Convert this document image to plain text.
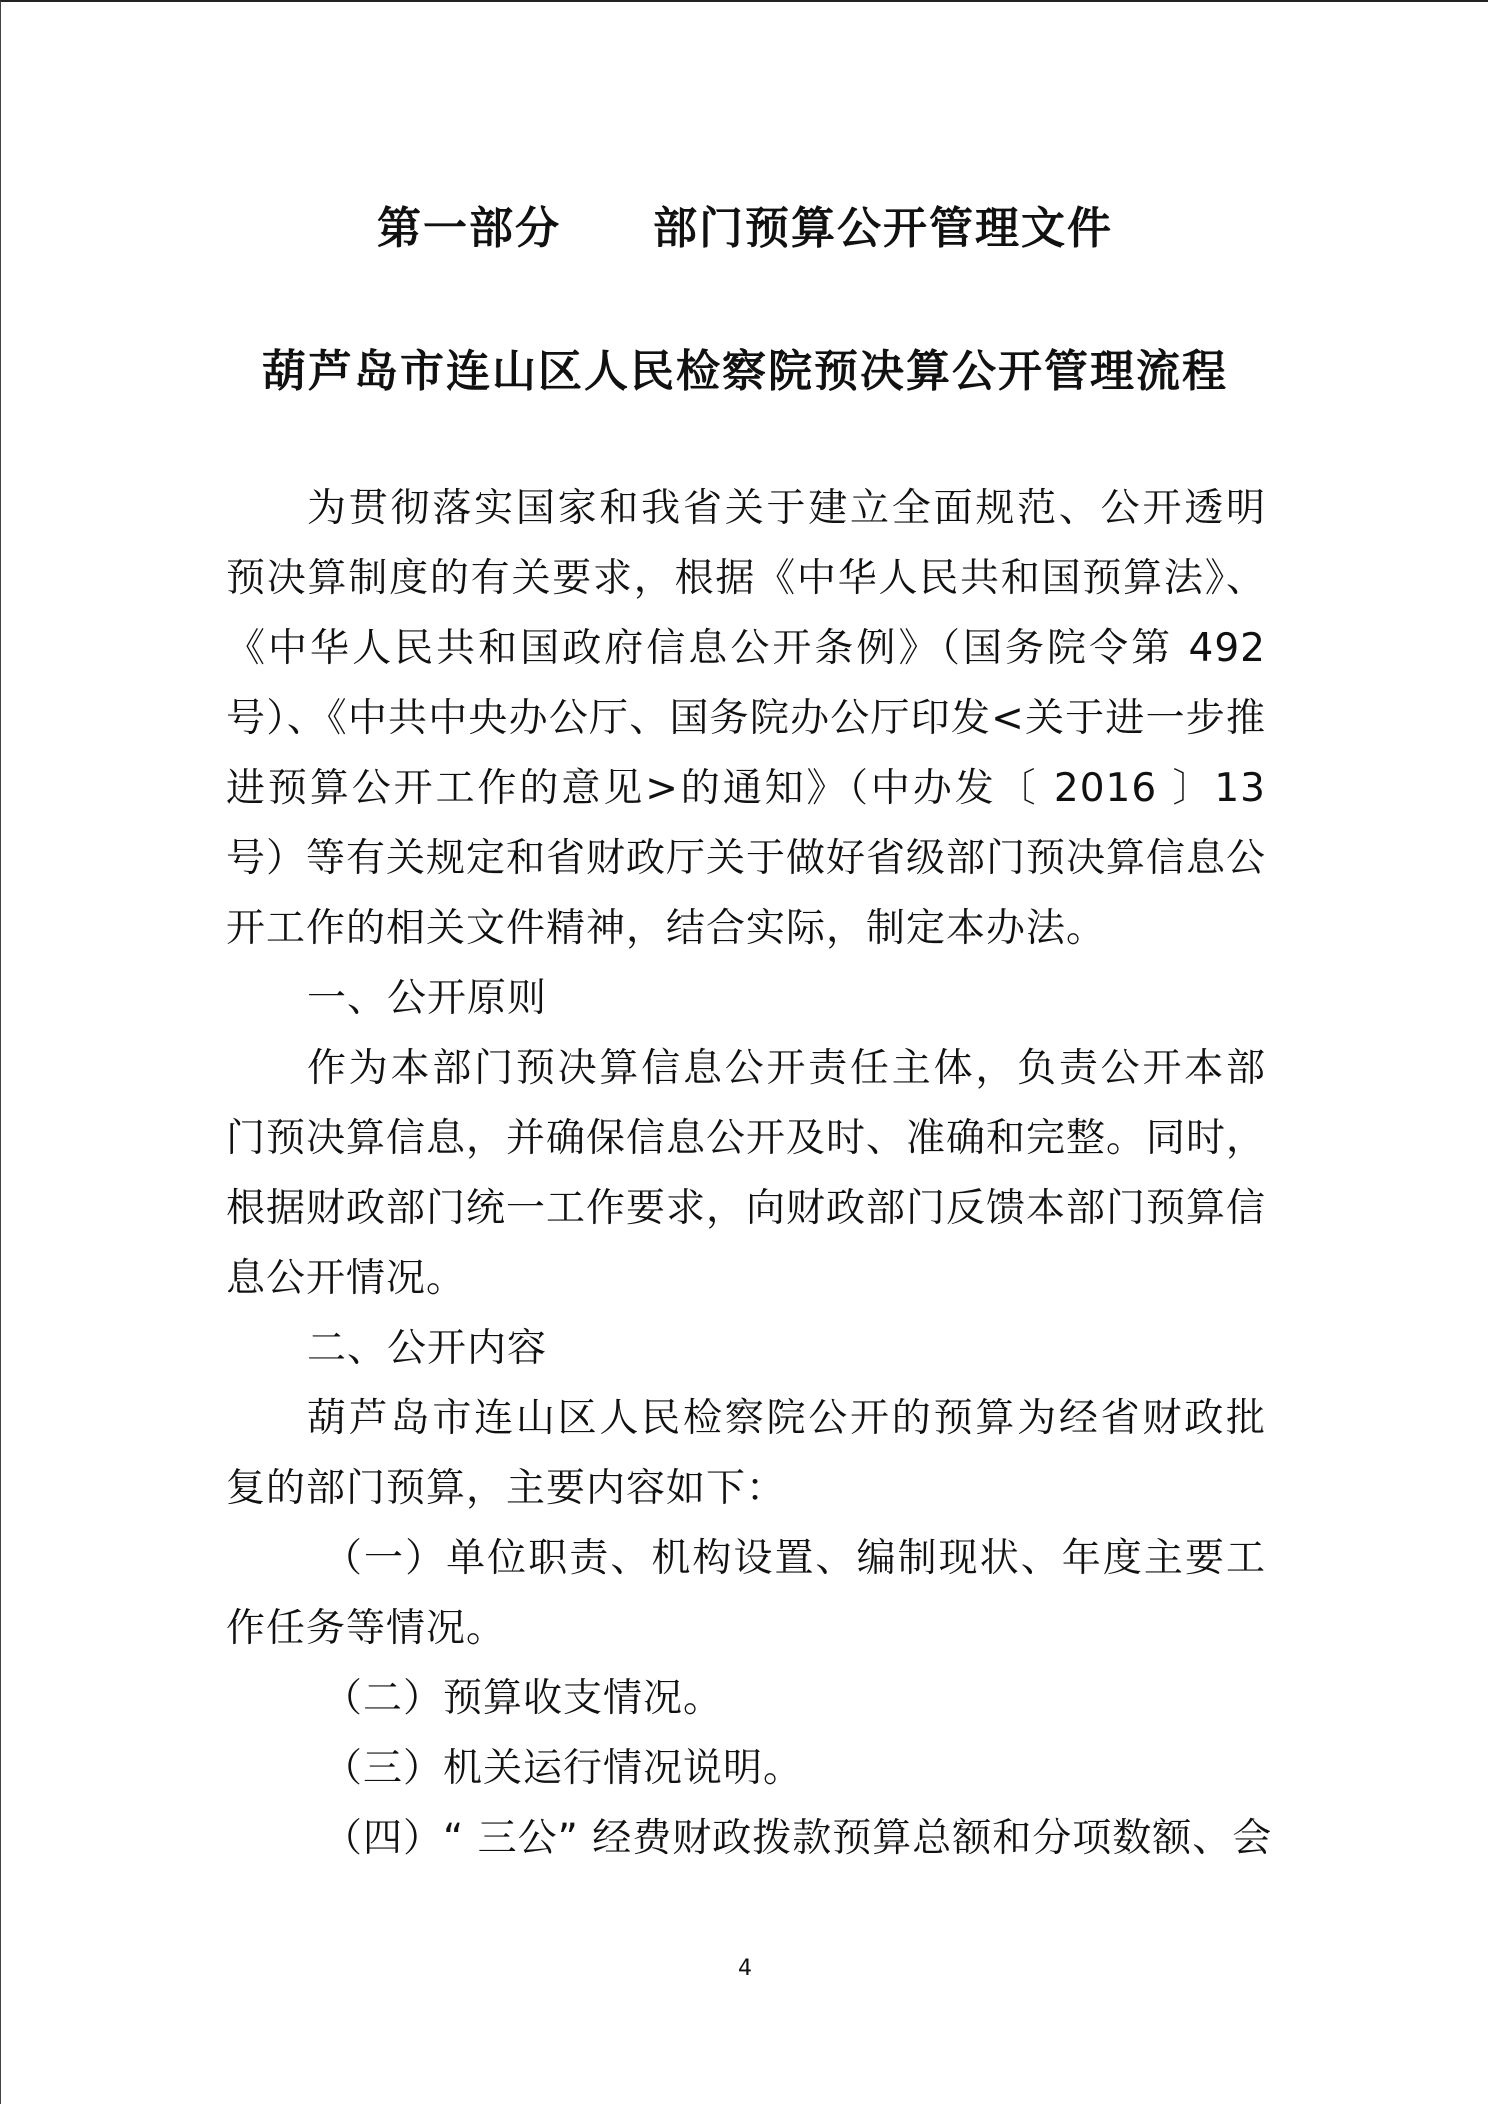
第一部分　　部门预算公开管理文件
葫芦岛市连山区人民检察院预决算公开管理流程

为贯彻落实国家和我省关于建立全面规范、公开透明预决算制度的有关要求，根据《中华人民共和国预算法》、《中华人民共和国政府信息公开条例》（国务院令第 492 号）、《中共中央办公厅、国务院办公厅印发<关于进一步推进预算公开工作的意见>的通知》（中办发〔 2016 〕13 号）等有关规定和省财政厅关于做好省级部门预决算信息公开工作的相关文件精神，结合实际，制定本办法。

一、公开原则

作为本部门预决算信息公开责任主体，负责公开本部门预决算信息，并确保信息公开及时、准确和完整。同时，根据财政部门统一工作要求，向财政部门反馈本部门预算信息公开情况。

二、公开内容

葫芦岛市连山区人民检察院公开的预算为经省财政批复的部门预算，主要内容如下：

（一）单位职责、机构设置、编制现状、年度主要工作任务等情况。

（二）预算收支情况。

（三）机关运行情况说明。

（四）“ 三公” 经费财政拨款预算总额和分项数额、会

4
